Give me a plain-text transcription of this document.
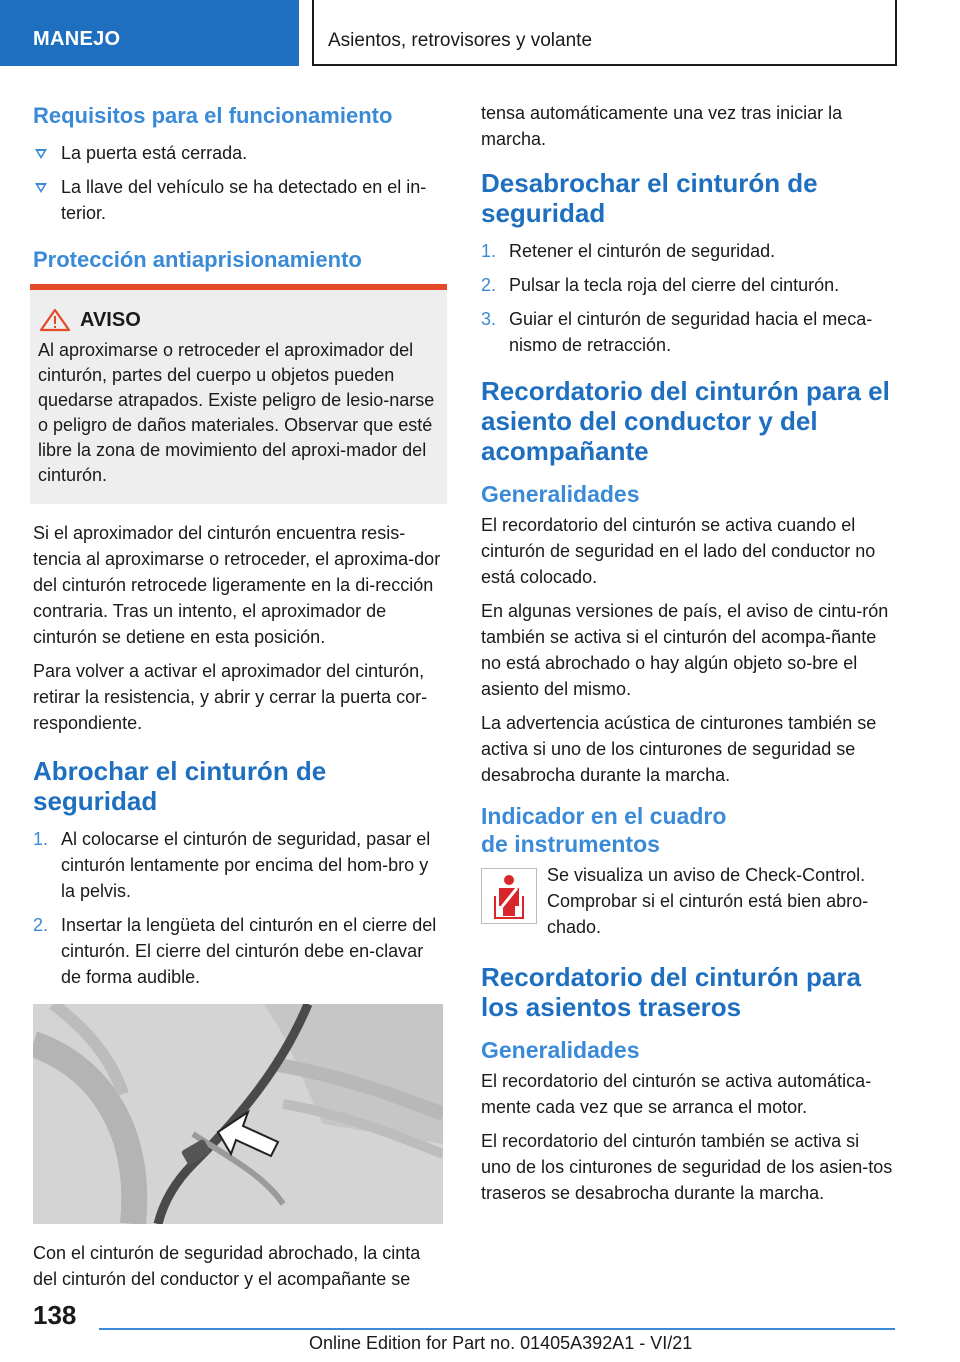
MANEJO	Asientos, retrovisores y volante
Requisitos para el funcionamiento
La puerta está cerrada.
La llave del vehículo se ha detectado en el in-terior.
Protección antiaprisionamiento
AVISO
Al aproximarse o retroceder el aproximador del cinturón, partes del cuerpo u objetos pueden quedarse atrapados. Existe peligro de lesio-narse o peligro de daños materiales. Observar que esté libre la zona de movimiento del aproxi-mador del cinturón.
Si el aproximador del cinturón encuentra resis-tencia al aproximarse o retroceder, el aproxima-dor del cinturón retrocede ligeramente en la di-rección contraria. Tras un intento, el aproximador de cinturón se detiene en esta posición.
Para volver a activar el aproximador del cinturón, retirar la resistencia, y abrir y cerrar la puerta cor-respondiente.
Abrochar el cinturón de seguridad
1. Al colocarse el cinturón de seguridad, pasar el cinturón lentamente por encima del hom-bro y la pelvis.
2. Insertar la lengüeta del cinturón en el cierre del cinturón. El cierre del cinturón debe en-clavar de forma audible.
Con el cinturón de seguridad abrochado, la cinta del cinturón del conductor y el acompañante se
tensa automáticamente una vez tras iniciar la marcha.
Desabrochar el cinturón de seguridad
1. Retener el cinturón de seguridad.
2. Pulsar la tecla roja del cierre del cinturón.
3. Guiar el cinturón de seguridad hacia el meca-nismo de retracción.
Recordatorio del cinturón para el asiento del conductor y del acompañante
Generalidades
El recordatorio del cinturón se activa cuando el cinturón de seguridad en el lado del conductor no está colocado.
En algunas versiones de país, el aviso de cintu-rón también se activa si el cinturón del acompa-ñante no está abrochado o hay algún objeto so-bre el asiento del mismo.
La advertencia acústica de cinturones también se activa si uno de los cinturones de seguridad se desabrocha durante la marcha.
Indicador en el cuadro de instrumentos
Se visualiza un aviso de Check-Control. Comprobar si el cinturón está bien abro-chado.
Recordatorio del cinturón para los asientos traseros
Generalidades
El recordatorio del cinturón se activa automática-mente cada vez que se arranca el motor.
El recordatorio del cinturón también se activa si uno de los cinturones de seguridad de los asien-tos traseros se desabrocha durante la marcha.
138
Online Edition for Part no. 01405A392A1 - VI/21
